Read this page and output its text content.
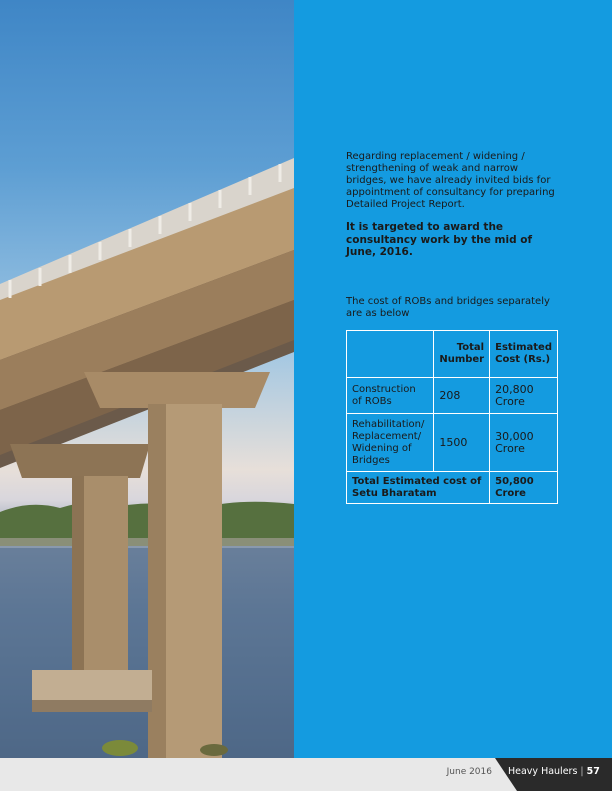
Regarding replacement / widening / strengthening of weak and narrow bridges, we have already invited bids for appointment of consultancy for preparing Detailed Project Report.

It is targeted to award the consultancy work by the mid of June, 2016.

The cost of ROBs and bridges separately are as below

	Total Number	Estimated Cost (Rs.)
Construction of ROBs	208	20,800 Crore
Rehabilitation/ Replacement/ Widening of Bridges	1500	30,000 Crore
Total Estimated cost of Setu Bharatam		50,800 Crore
June 2016 Heavy Haulers | 57
